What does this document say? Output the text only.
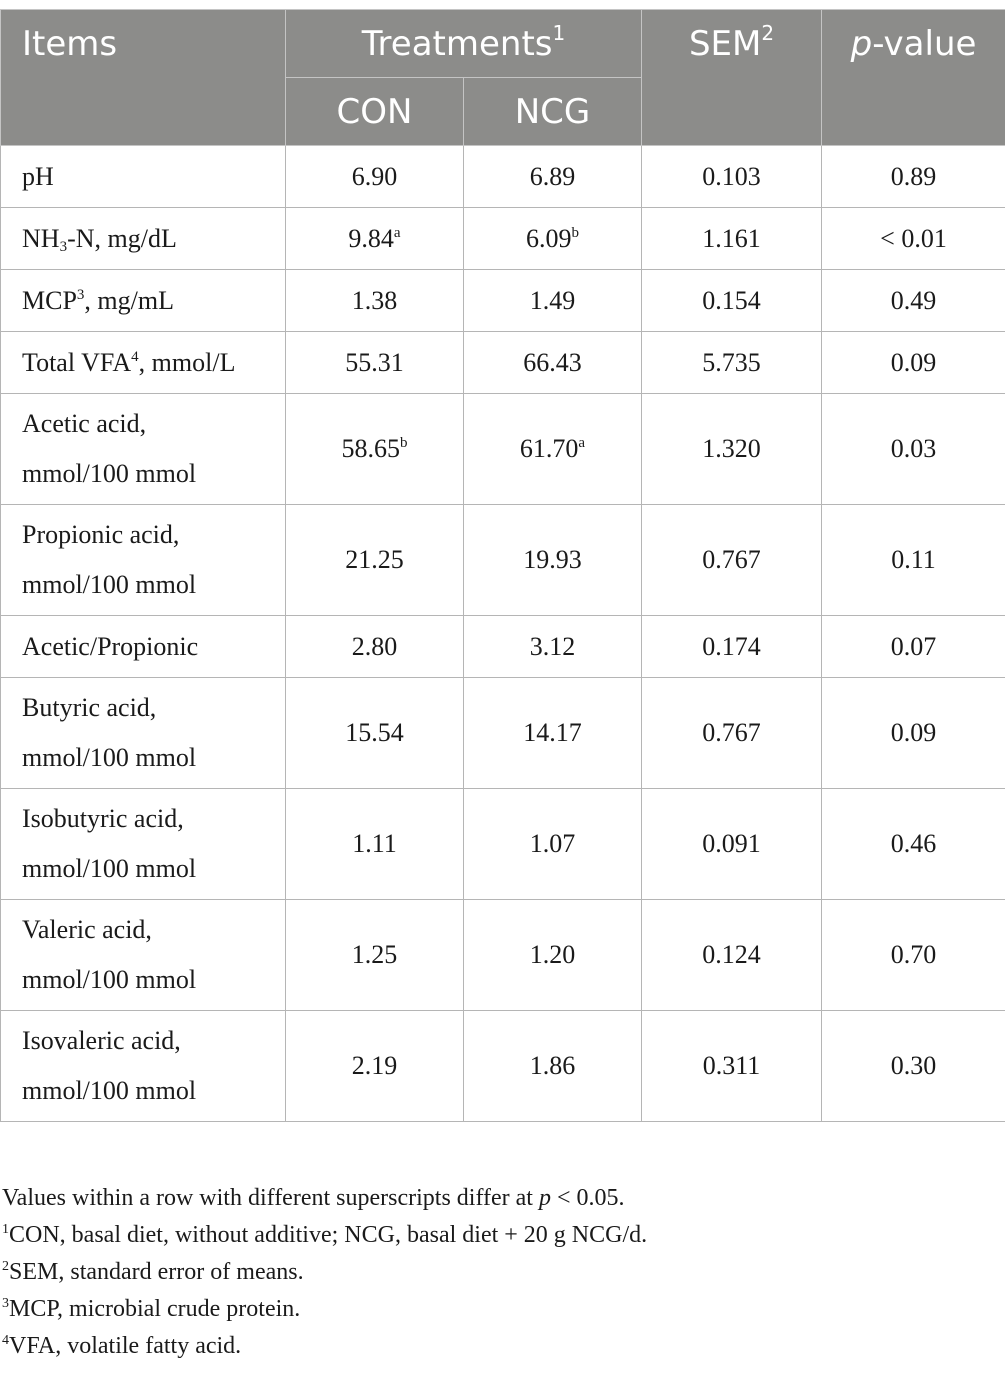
Items	Treatments$^1$		SEM$^2$	p-value
	CON	NCG		
pH	6.90	6.89	0.103	0.89
$NH_3-N$, mg/dL	9.84$^a$	6.09$^b$	1.161	< 0.01
MCP$^3$, mg/mL	1.38	1.49	0.154	0.49
Total VFA$^4$, mmol/L	55.31	66.43	5.735	0.09
Acetic acid,
mmol/100 mmol	58.65$^b$	61.70$^a$	1.320	0.03
Propionic acid,
mmol/100 mmol	21.25	19.93	0.767	0.11
Acetic/Propionic	2.80	3.12	0.174	0.07
Butyric acid,
mmol/100 mmol	15.54	14.17	0.767	0.09
Isobutyric acid,
mmol/100 mmol	1.11	1.07	0.091	0.46
Valeric acid,
mmol/100 mmol	1.25	1.20	0.124	0.70
Isovaleric acid,
mmol/100 mmol	2.19	1.86	0.311	0.30
Values within a row with different superscripts differ at p < 0.05.
$^1$CON, basal diet, without additive; NCG, basal diet + 20 g NCG/d.
$^2$SEM, standard error of means.
$^3$MCP, microbial crude protein.
$^4$VFA, volatile fatty acid.
